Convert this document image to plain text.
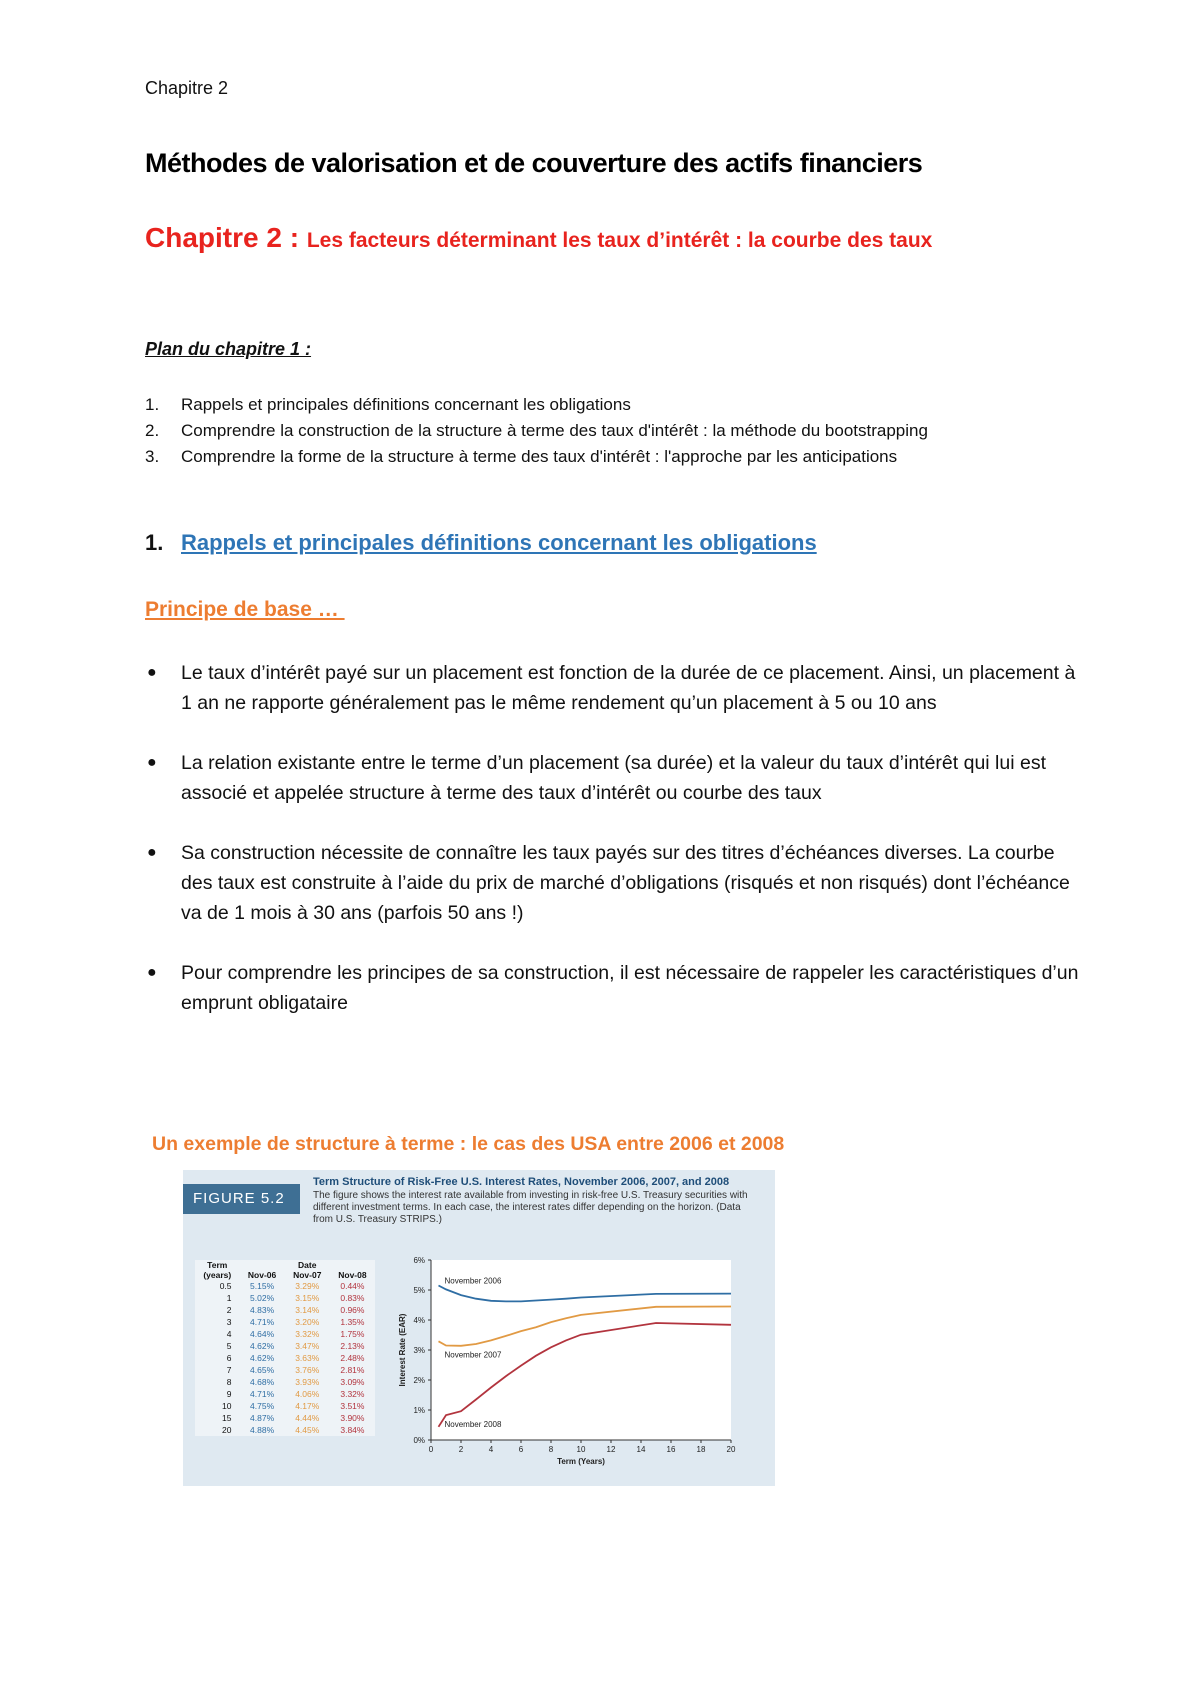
Chapitre 2
Méthodes de valorisation et de couverture des actifs financiers
Chapitre 2 : Les facteurs déterminant les taux d’intérêt : la courbe des taux
Plan du chapitre 1 :
1.	Rappels et principales définitions concernant les obligations
2.	Comprendre la construction de la structure à terme des taux d'intérêt : la méthode du bootstrapping
3.	Comprendre la forme de la structure à terme des taux d'intérêt : l'approche par les anticipations
1. Rappels et principales définitions concernant les obligations
Principe de base …
●	Le taux d’intérêt payé sur un placement est fonction de la durée de ce placement. Ainsi, un placement à 1 an ne rapporte généralement pas le même rendement qu’un placement à 5 ou 10 ans
●	La relation existante entre le terme d’un placement (sa durée) et la valeur du taux d’intérêt qui lui est associé et appelée structure à terme des taux d’intérêt ou courbe des taux
●	Sa construction nécessite de connaître les taux payés sur des titres d’échéances diverses. La courbe des taux est construite à l’aide du prix de marché d’obligations (risqués et non risqués) dont l’échéance va de 1 mois à 30 ans (parfois 50 ans !)
●	Pour comprendre les principes de sa construction, il est nécessaire de rappeler les caractéristiques d’un emprunt obligataire
Un exemple de structure à terme : le cas des USA entre 2006 et 2008
FIGURE 5.2
Term Structure of Risk-Free U.S. Interest Rates, November 2006, 2007, and 2008
The figure shows the interest rate available from investing in risk-free U.S. Treasury securities with different investment terms. In each case, the interest rates differ depending on the horizon. (Data from U.S. Treasury STRIPS.)
Term	Date		
(years)	Nov-06	Nov-07	Nov-08
0.5	5.15%	3.29%	0.44%
1	5.02%	3.15%	0.83%
2	4.83%	3.14%	0.96%
3	4.71%	3.20%	1.35%
4	4.64%	3.32%	1.75%
5	4.62%	3.47%	2.13%
6	4.62%	3.63%	2.48%
7	4.65%	3.76%	2.81%
8	4.68%	3.93%	3.09%
9	4.71%	4.06%	3.32%
10	4.75%	4.17%	3.51%
15	4.87%	4.44%	3.90%
20	4.88%	4.45%	3.84%
0%
1%
2%
3%
4%
5%
6%
0	2	4	6	8	10	12	14	16	18	20
Term (Years)
Interest Rate (EAR)
November 2006
November 2007
November 2008
